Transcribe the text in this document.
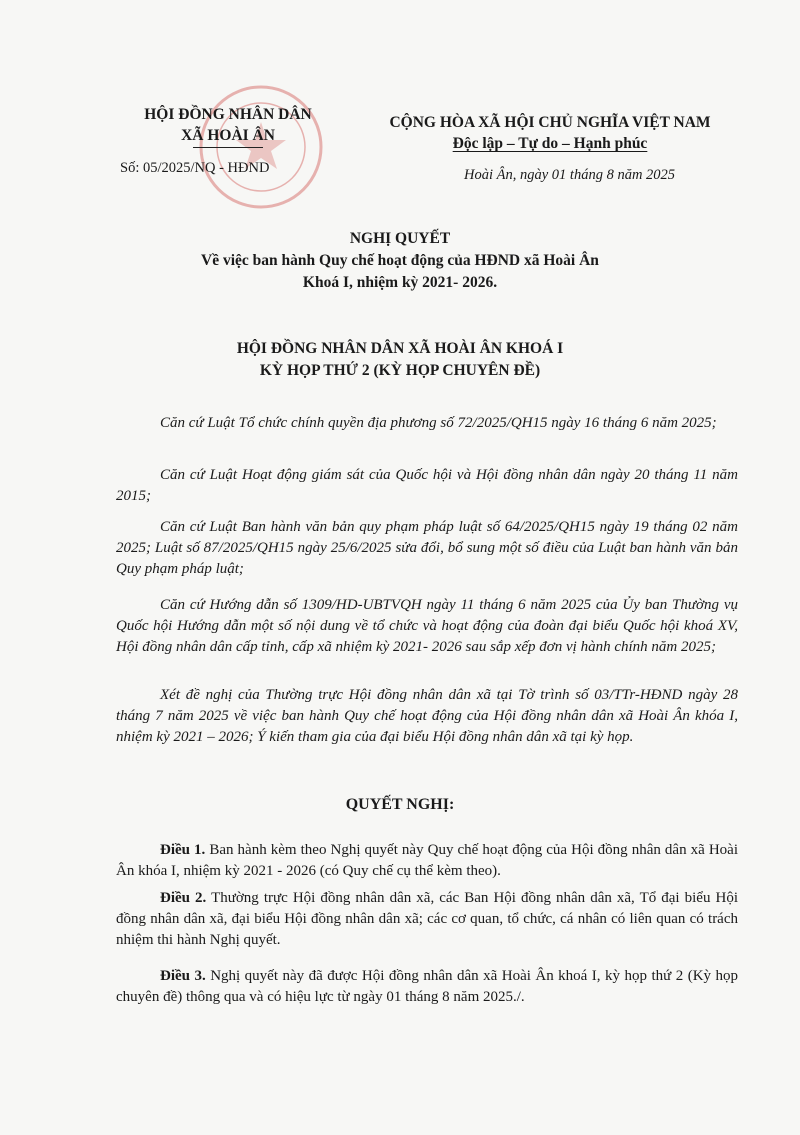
HỘI ĐỒNG NHÂN DÂN
XÃ HOÀI ÂN
Số: 05/2025/NQ - HĐND
CỘNG HÒA XÃ HỘI CHỦ NGHĨA VIỆT NAM
Độc lập – Tự do – Hạnh phúc
Hoài Ân, ngày 01 tháng 8 năm 2025
NGHỊ QUYẾT
Về việc ban hành Quy chế hoạt động của HĐND xã Hoài Ân
Khoá I, nhiệm kỳ 2021- 2026.
HỘI ĐỒNG NHÂN DÂN XÃ HOÀI ÂN KHOÁ I
KỲ HỌP THỨ 2 (KỲ HỌP CHUYÊN ĐỀ)
Căn cứ Luật Tổ chức chính quyền địa phương số 72/2025/QH15 ngày 16 tháng 6 năm 2025;
Căn cứ Luật Hoạt động giám sát của Quốc hội và Hội đồng nhân dân ngày 20 tháng 11 năm 2015;
Căn cứ Luật Ban hành văn bản quy phạm pháp luật số 64/2025/QH15 ngày 19 tháng 02 năm 2025; Luật số 87/2025/QH15 ngày 25/6/2025 sửa đổi, bổ sung một số điều của Luật ban hành văn bản Quy phạm pháp luật;
Căn cứ Hướng dẫn số 1309/HD-UBTVQH ngày 11 tháng 6 năm 2025 của Ủy ban Thường vụ Quốc hội Hướng dẫn một số nội dung về tổ chức và hoạt động của đoàn đại biểu Quốc hội khoá XV, Hội đồng nhân dân cấp tỉnh, cấp xã nhiệm kỳ 2021- 2026 sau sắp xếp đơn vị hành chính năm 2025;
Xét đề nghị của Thường trực Hội đồng nhân dân xã tại Tờ trình số 03/TTr-HĐND ngày 28 tháng 7 năm 2025 về việc ban hành Quy chế hoạt động của Hội đồng nhân dân xã Hoài Ân khóa I, nhiệm kỳ 2021 – 2026; Ý kiến tham gia của đại biểu Hội đồng nhân dân xã tại kỳ họp.
QUYẾT NGHỊ:
Điều 1. Ban hành kèm theo Nghị quyết này Quy chế hoạt động của Hội đồng nhân dân xã Hoài Ân khóa I, nhiệm kỳ 2021 - 2026 (có Quy chế cụ thể kèm theo).
Điều 2. Thường trực Hội đồng nhân dân xã, các Ban Hội đồng nhân dân xã, Tổ đại biểu Hội đồng nhân dân xã, đại biểu Hội đồng nhân dân xã; các cơ quan, tổ chức, cá nhân có liên quan có trách nhiệm thi hành Nghị quyết.
Điều 3. Nghị quyết này đã được Hội đồng nhân dân xã Hoài Ân khoá I, kỳ họp thứ 2 (Kỳ họp chuyên đề) thông qua và có hiệu lực từ ngày 01 tháng 8 năm 2025./.
